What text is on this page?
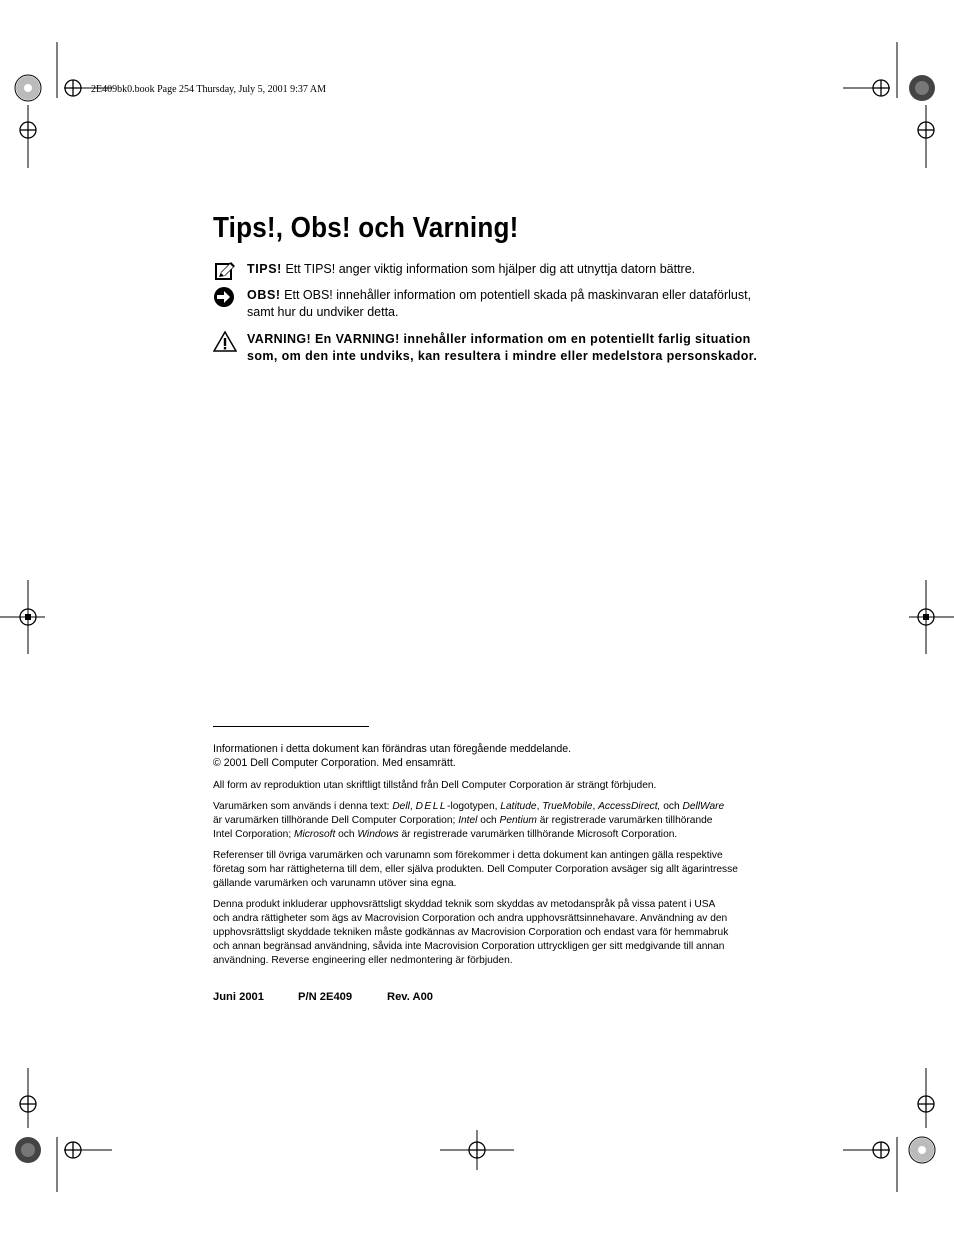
2E409bk0.book Page 254 Thursday, July 5, 2001 9:37 AM
Tips!, Obs! och Varning!
TIPS! Ett TIPS! anger viktig information som hjälper dig att utnyttja datorn bättre.
OBS! Ett OBS! innehåller information om potentiell skada på maskinvaran eller dataförlust,
samt hur du undviker detta.
VARNING! En VARNING! innehåller information om en potentiellt farlig situation
som, om den inte undviks, kan resultera i mindre eller medelstora personskador.
Informationen i detta dokument kan förändras utan föregående meddelande.
© 2001 Dell Computer Corporation. Med ensamrätt.
All form av reproduktion utan skriftligt tillstånd från Dell Computer Corporation är strängt förbjuden.
Varumärken som används i denna text: Dell, DELL-logotypen, Latitude, TrueMobile, AccessDirect, och DellWare
är varumärken tillhörande Dell Computer Corporation; Intel och Pentium är registrerade varumärken tillhörande
Intel Corporation; Microsoft och Windows är registrerade varumärken tillhörande Microsoft Corporation.
Referenser till övriga varumärken och varunamn som förekommer i detta dokument kan antingen gälla respektive
företag som har rättigheterna till dem, eller själva produkten. Dell Computer Corporation avsäger sig allt ägarintresse
gällande varumärken och varunamn utöver sina egna.
Denna produkt inkluderar upphovsrättsligt skyddad teknik som skyddas av metodanspråk på vissa patent i USA
och andra rättigheter som ägs av Macrovision Corporation och andra upphovsrättsinnehavare. Användning av den
upphovsrättsligt skyddade tekniken måste godkännas av Macrovision Corporation och endast vara för hemmabruk
och annan begränsad användning, såvida inte Macrovision Corporation uttryckligen ger sitt medgivande till annan
användning. Reverse engineering eller nedmontering är förbjuden.
Juni 2001	P/N 2E409	Rev. A00
